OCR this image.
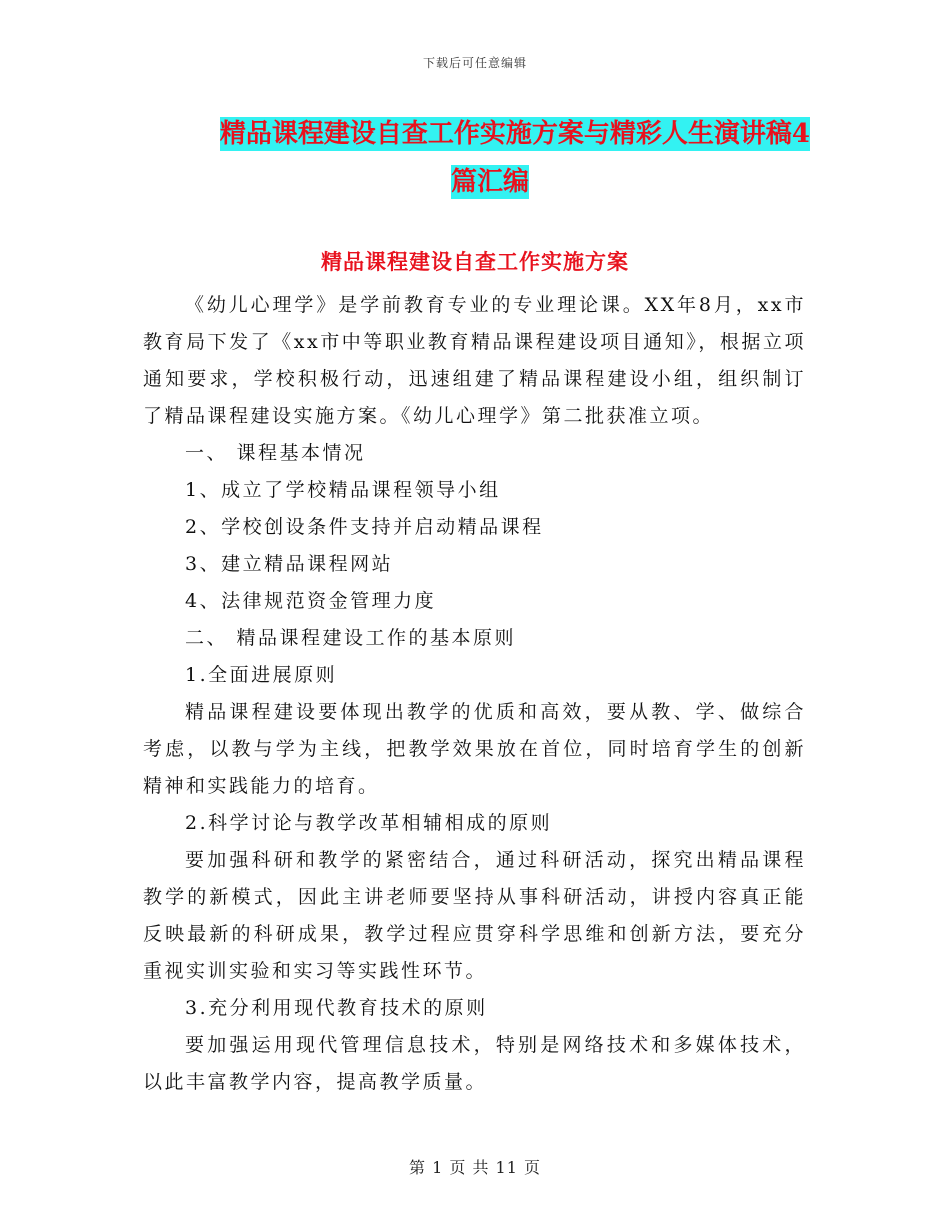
下载后可任意编辑
精品课程建设自查工作实施方案与精彩人生演讲稿4
篇汇编
精品课程建设自查工作实施方案

《幼儿心理学》是学前教育专业的专业理论课。XX年8月，xx市教育局下发了《xx市中等职业教育精品课程建设项目通知》，根据立项通知要求，学校积极行动，迅速组建了精品课程建设小组，组织制订了精品课程建设实施方案。《幼儿心理学》第二批获准立项。

一、 课程基本情况

1、成立了学校精品课程领导小组

2、学校创设条件支持并启动精品课程

3、建立精品课程网站

4、法律规范资金管理力度

二、 精品课程建设工作的基本原则

1.全面进展原则

精品课程建设要体现出教学的优质和高效，要从教、学、做综合考虑，以教与学为主线，把教学效果放在首位，同时培育学生的创新精神和实践能力的培育。

2.科学讨论与教学改革相辅相成的原则

要加强科研和教学的紧密结合，通过科研活动，探究出精品课程教学的新模式，因此主讲老师要坚持从事科研活动，讲授内容真正能反映最新的科研成果，教学过程应贯穿科学思维和创新方法，要充分重视实训实验和实习等实践性环节。

3.充分利用现代教育技术的原则

要加强运用现代管理信息技术，特别是网络技术和多媒体技术，以此丰富教学内容，提高教学质量。

第 1 页 共 11 页
